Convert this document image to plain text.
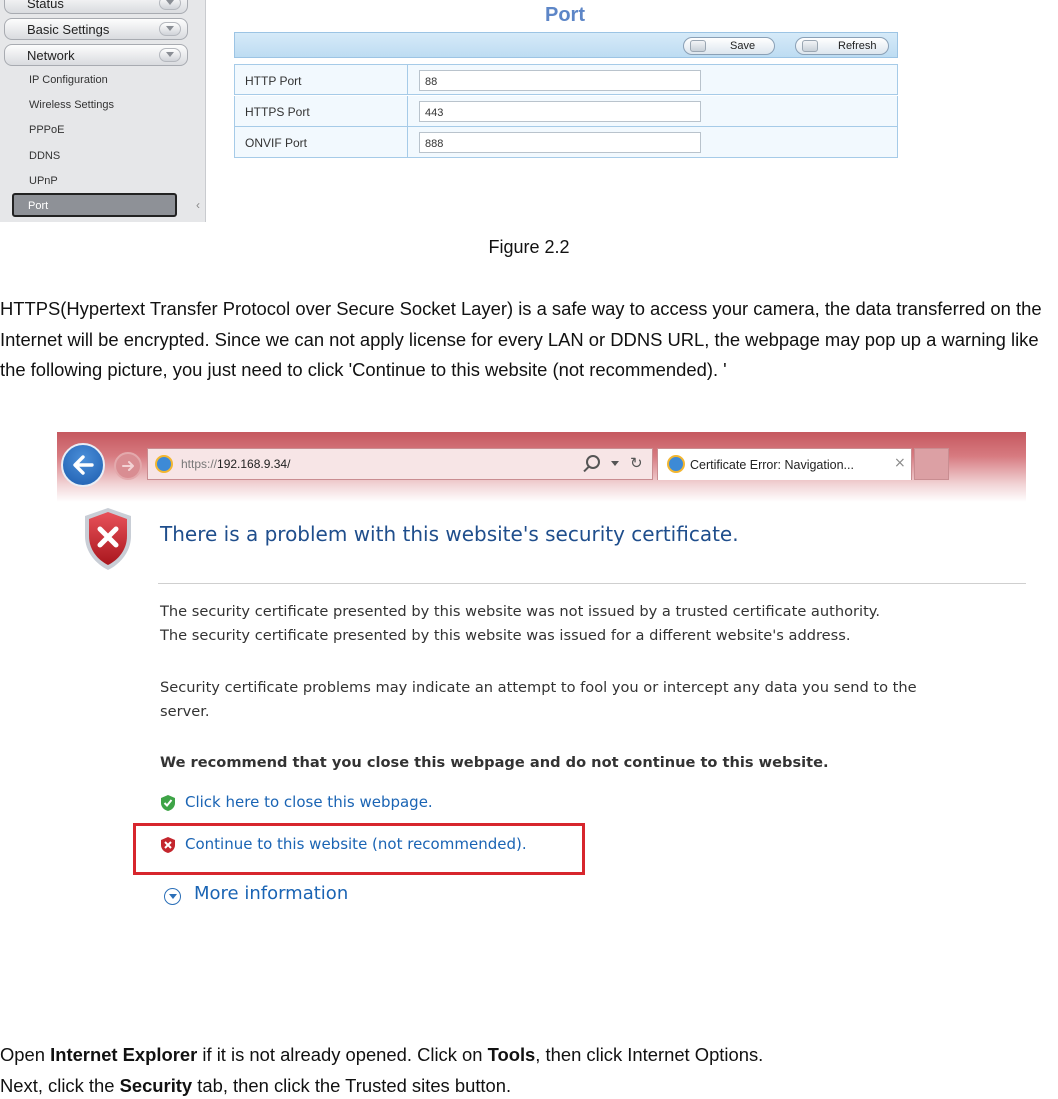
Status
Basic Settings
Network
IP Configuration
Wireless Settings
PPPoE
DDNS
UPnP
Port	‹
Port
Save	Refresh
HTTP Port	88
HTTPS Port	443
ONVIF Port	888
Figure 2.2

HTTPS(Hypertext Transfer Protocol over Secure Socket Layer) is a safe way to access your camera, the data transferred on the Internet will be encrypted. Since we can not apply license for every LAN or DDNS URL, the webpage may pop up a warning like the following picture, you just need to click 'Continue to this website (not recommended). '

https://192.168.9.34/	↻	Certificate Error: Navigation...	×
There is a problem with this website's security certificate.
The security certificate presented by this website was not issued by a trusted certificate authority.
The security certificate presented by this website was issued for a different website's address.
Security certificate problems may indicate an attempt to fool you or intercept any data you send to the
server.
We recommend that you close this webpage and do not continue to this website.
Click here to close this webpage.
Continue to this website (not recommended).
More information
Open Internet Explorer if it is not already opened. Click on Tools, then click Internet Options.
Next, click the Security tab, then click the Trusted sites button.
